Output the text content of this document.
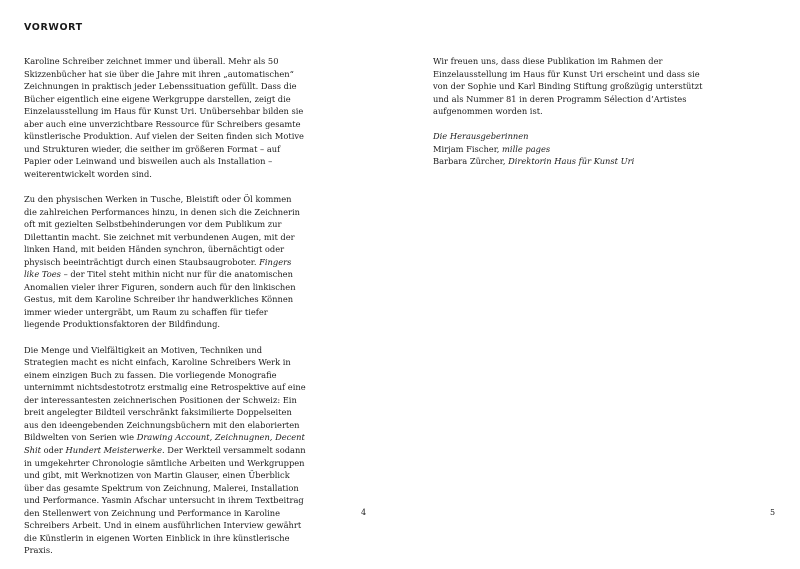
VORWORT

Karoline Schreiber zeichnet immer und überall. Mehr als 50 Skizzenbücher hat sie über die Jahre mit ihren „automatischen“ Zeichnungen in praktisch jeder Lebenssituation gefüllt. Dass die Bücher eigentlich eine eigene Werkgruppe darstellen, zeigt die Einzelausstellung im Haus für Kunst Uri. Unübersehbar bilden sie aber auch eine unverzichtbare Ressource für Schreibers gesamte künstlerische Produktion. Auf vielen der Seiten finden sich Motive und Strukturen wieder, die seither im größeren Format – auf Papier oder Leinwand und bisweilen auch als Installation – weiterentwickelt worden sind.

Zu den physischen Werken in Tusche, Bleistift oder Öl kommen die zahlreichen Performances hinzu, in denen sich die Zeichnerin oft mit gezielten Selbstbehinderungen vor dem Publikum zur Dilettantin macht. Sie zeichnet mit verbundenen Augen, mit der linken Hand, mit beiden Händen synchron, übernächtigt oder physisch beeinträchtigt durch einen Staubsaugroboter. Fingers like Toes – der Titel steht mithin nicht nur für die anatomischen Anomalien vieler ihrer Figuren, sondern auch für den linkischen Gestus, mit dem Karoline Schreiber ihr handwerkliches Können immer wieder untergräbt, um Raum zu schaffen für tiefer liegende Produktionsfaktoren der Bildfindung.

Die Menge und Vielfältigkeit an Motiven, Techniken und Strategien macht es nicht einfach, Karoline Schreibers Werk in einem einzigen Buch zu fassen. Die vorliegende Monografie unternimmt nichtsdestotrotz erstmalig eine Retrospektive auf eine der interessantesten zeichnerischen Positionen der Schweiz: Ein breit angelegter Bildteil verschränkt faksimilierte Doppelseiten aus den ideengebenden Zeichnungsbüchern mit den elaborierten Bildwelten von Serien wie Drawing Account, Zeichnugnen, Decent Shit oder Hundert Meisterwerke. Der Werkteil versammelt sodann in umgekehrter Chronologie sämtliche Arbeiten und Werkgruppen und gibt, mit Werknotizen von Martin Glauser, einen Überblick über das gesamte Spektrum von Zeichnung, Malerei, Installation und Performance. Yasmin Afschar untersucht in ihrem Textbeitrag den Stellenwert von Zeichnung und Performance in Karoline Schreibers Arbeit. Und in einem ausführlichen Interview gewährt die Künstlerin in eigenen Worten Einblick in ihre künstlerische Praxis.

4

Wir freuen uns, dass diese Publikation im Rahmen der Einzelausstellung im Haus für Kunst Uri erscheint und dass sie von der Sophie und Karl Binding Stiftung großzügig unterstützt und als Nummer 81 in deren Programm Sélection d’Artistes aufgenommen worden ist.

Die Herausgeberinnen
Mirjam Fischer, mille pages
Barbara Zürcher, Direktorin Haus für Kunst Uri
5
